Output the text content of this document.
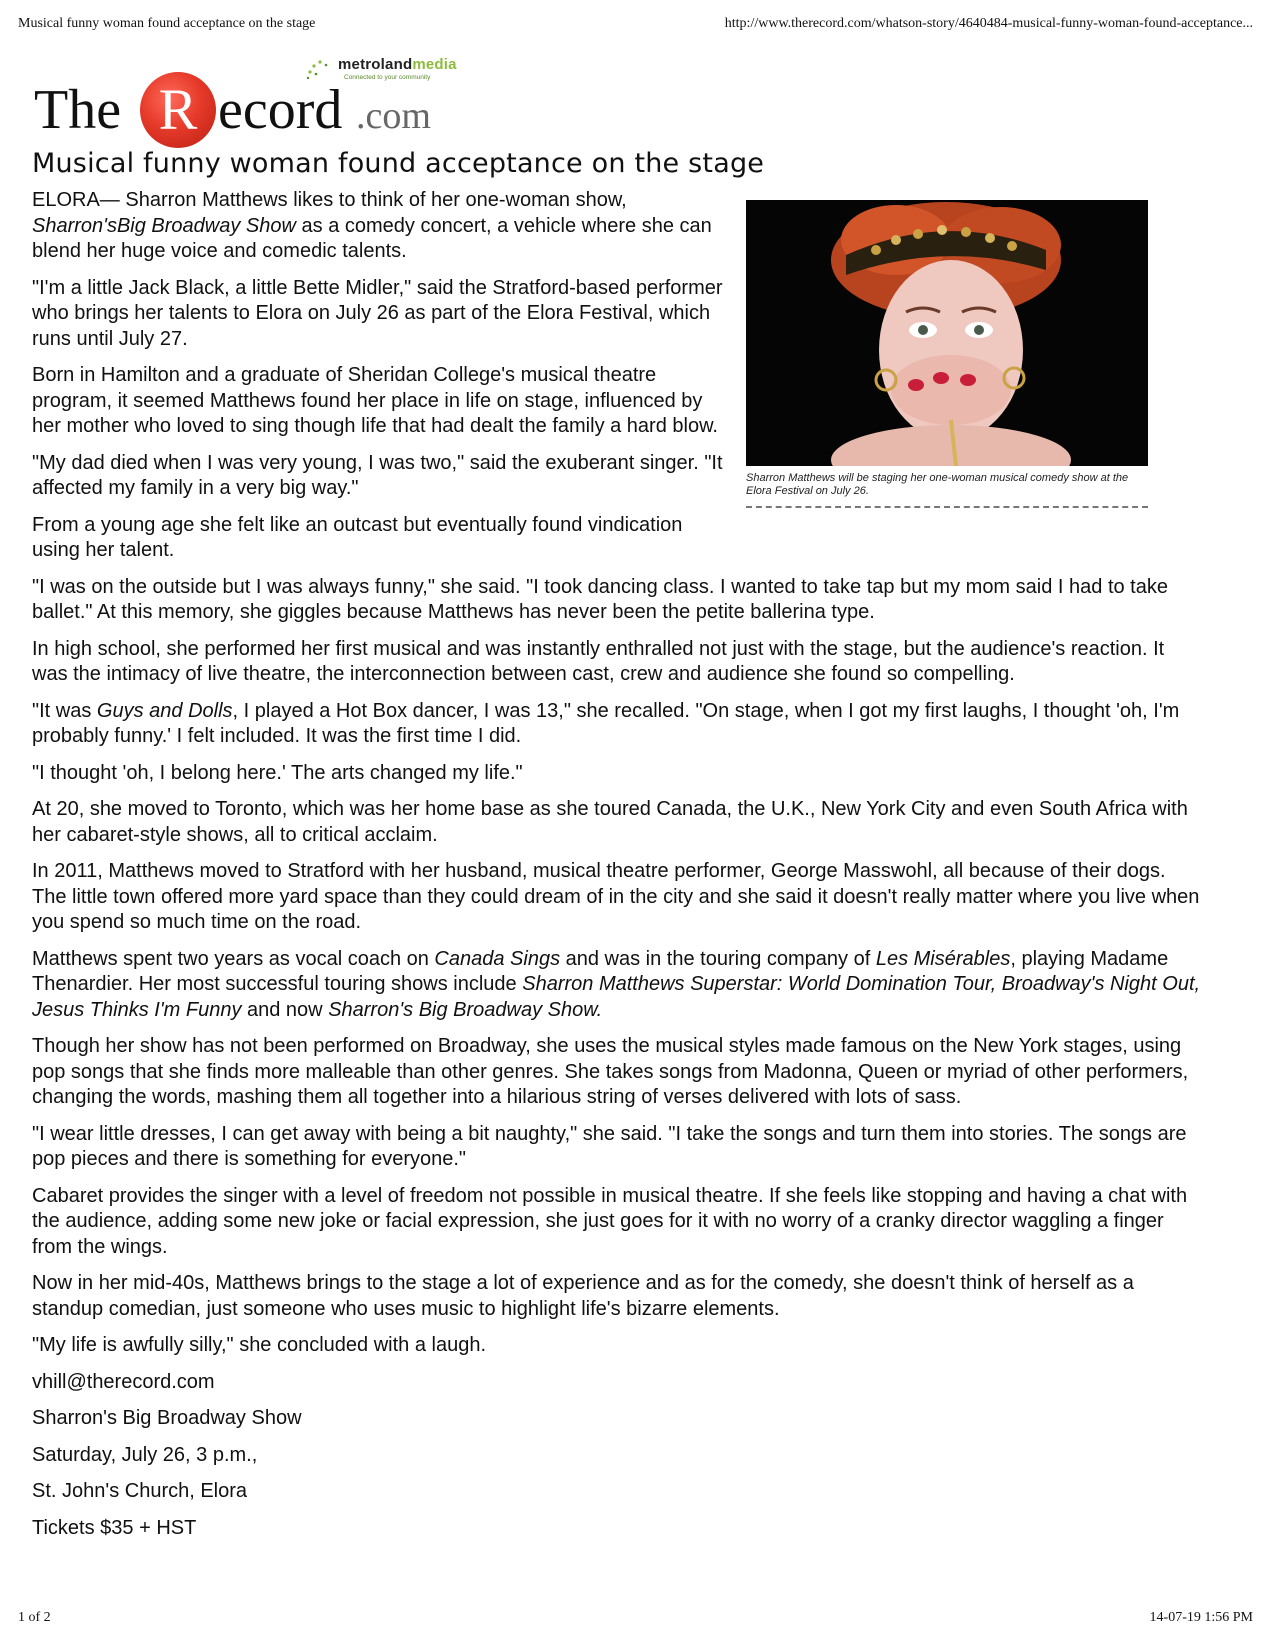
Musical funny woman found acceptance on the stage	http://www.therecord.com/whatson-story/4640484-musical-funny-woman-found-acceptance...
metrolandmedia
Connected to your community
The R ecord .com
Musical funny woman found acceptance on the stage
Sharron Matthews will be staging her one-woman musical comedy show at the Elora Festival on July 26.

ELORA— Sharron Matthews likes to think of her one-woman show, Sharron'sBig Broadway Show as a comedy concert, a vehicle where she can blend her huge voice and comedic talents.

"I'm a little Jack Black, a little Bette Midler," said the Stratford-based performer who brings her talents to Elora on July 26 as part of the Elora Festival, which runs until July 27.

Born in Hamilton and a graduate of Sheridan College's musical theatre program, it seemed Matthews found her place in life on stage, influenced by her mother who loved to sing though life that had dealt the family a hard blow.

"My dad died when I was very young, I was two," said the exuberant singer. "It affected my family in a very big way."

From a young age she felt like an outcast but eventually found vindication using her talent.

"I was on the outside but I was always funny," she said. "I took dancing class. I wanted to take tap but my mom said I had to take ballet." At this memory, she giggles because Matthews has never been the petite ballerina type.

In high school, she performed her first musical and was instantly enthralled not just with the stage, but the audience's reaction. It was the intimacy of live theatre, the interconnection between cast, crew and audience she found so compelling.

"It was Guys and Dolls, I played a Hot Box dancer, I was 13," she recalled. "On stage, when I got my first laughs, I thought 'oh, I'm probably funny.' I felt included. It was the first time I did.

"I thought 'oh, I belong here.' The arts changed my life."

At 20, she moved to Toronto, which was her home base as she toured Canada, the U.K., New York City and even South Africa with her cabaret-style shows, all to critical acclaim.

In 2011, Matthews moved to Stratford with her husband, musical theatre performer, George Masswohl, all because of their dogs. The little town offered more yard space than they could dream of in the city and she said it doesn't really matter where you live when you spend so much time on the road.

Matthews spent two years as vocal coach on Canada Sings and was in the touring company of Les Misérables, playing Madame Thenardier. Her most successful touring shows include Sharron Matthews Superstar: World Domination Tour, Broadway's Night Out, Jesus Thinks I'm Funny and now Sharron's Big Broadway Show.

Though her show has not been performed on Broadway, she uses the musical styles made famous on the New York stages, using pop songs that she finds more malleable than other genres. She takes songs from Madonna, Queen or myriad of other performers, changing the words, mashing them all together into a hilarious string of verses delivered with lots of sass.

"I wear little dresses, I can get away with being a bit naughty," she said. "I take the songs and turn them into stories. The songs are pop pieces and there is something for everyone."

Cabaret provides the singer with a level of freedom not possible in musical theatre. If she feels like stopping and having a chat with the audience, adding some new joke or facial expression, she just goes for it with no worry of a cranky director waggling a finger from the wings.

Now in her mid-40s, Matthews brings to the stage a lot of experience and as for the comedy, she doesn't think of herself as a standup comedian, just someone who uses music to highlight life's bizarre elements.

"My life is awfully silly," she concluded with a laugh.

vhill@therecord.com

Sharron's Big Broadway Show

Saturday, July 26, 3 p.m.,

St. John's Church, Elora

Tickets $35 + HST

1 of 2	14-07-19 1:56 PM
